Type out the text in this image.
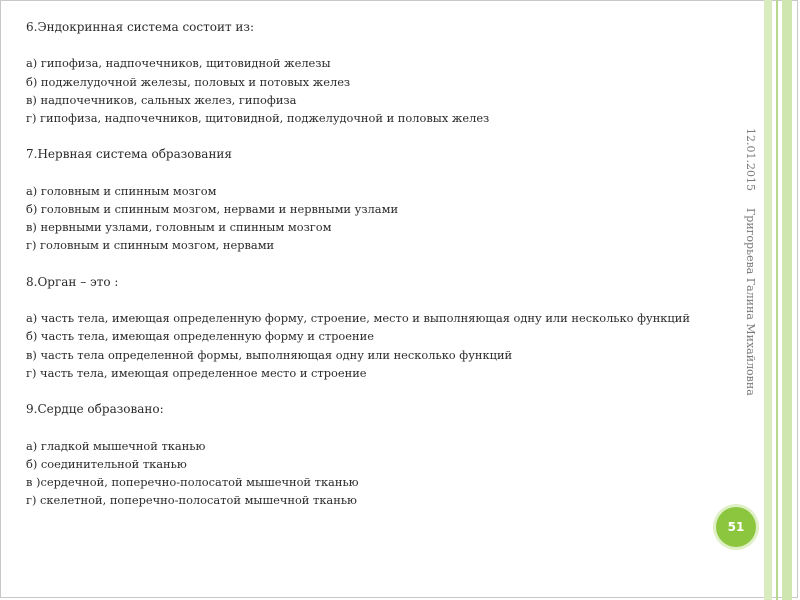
6.Эндокринная система состоит из:

а) гипофиза, надпочечников, щитовидной железы

б) поджелудочной железы, половых и потовых желез

в) надпочечников, сальных желез, гипофиза

г) гипофиза, надпочечников, щитовидной, поджелудочной и половых желез

7.Нервная система образования

а) головным и спинным мозгом

б) головным и спинным мозгом, нервами и нервными узлами

в) нервными узлами, головным и спинным мозгом

г) головным и спинным мозгом, нервами

8.Орган – это :

а) часть тела, имеющая определенную форму, строение, место и выполняющая одну или несколько функций

б) часть тела, имеющая определенную форму и строение

в) часть тела определенной формы, выполняющая одну или несколько функций

г) часть тела, имеющая определенное место и строение

9.Сердце образовано:

а) гладкой мышечной тканью

б) соединительной тканью

в )сердечной, поперечно-полосатой мышечной тканью

г) скелетной, поперечно-полосатой мышечной тканью

12.01.2015
Григорьева Галина Михайловна
51
